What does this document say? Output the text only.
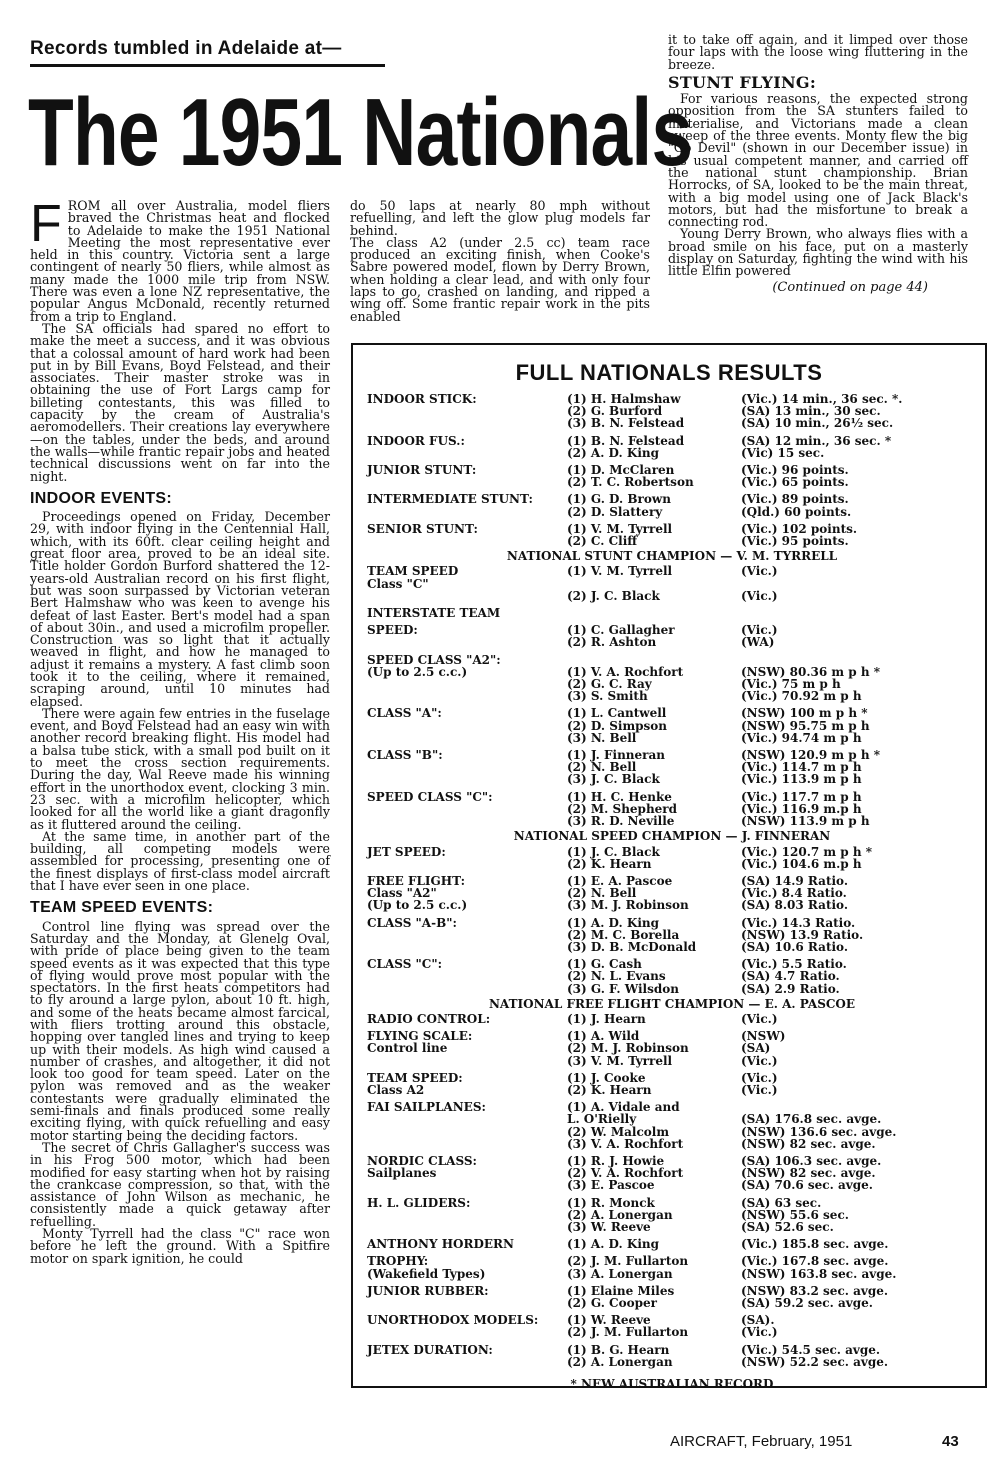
Records tumbled in Adelaide at—
The 1951 Nationals

FROM all over Australia, model fliers braved the Christmas heat and flocked to Adelaide to make the 1951 National Meeting the most representative ever held in this country. Victoria sent a large contingent of nearly 50 fliers, while almost as many made the 1000 mile trip from NSW. There was even a lone NZ representative, the popular Angus McDonald, recently returned from a trip to England.

The SA officials had spared no effort to make the meet a success, and it was obvious that a colossal amount of hard work had been put in by Bill Evans, Boyd Felstead, and their associates. Their master stroke was in obtaining the use of Fort Largs camp for billeting contestants, this was filled to capacity by the cream of Australia's aeromodellers. Their creations lay everywhere—on the tables, under the beds, and around the walls—while frantic repair jobs and heated technical discussions went on far into the night.

INDOOR EVENTS:

Proceedings opened on Friday, December 29, with indoor flying in the Centennial Hall, which, with its 60ft. clear ceiling height and great floor area, proved to be an ideal site. Title holder Gordon Burford shattered the 12-years-old Australian record on his first flight, but was soon surpassed by Victorian veteran Bert Halmshaw who was keen to avenge his defeat of last Easter. Bert's model had a span of about 30in., and used a microfilm propeller. Construction was so light that it actually weaved in flight, and how he managed to adjust it remains a mystery. A fast climb soon took it to the ceiling, where it remained, scraping around, until 10 minutes had elapsed.

There were again few entries in the fuselage event, and Boyd Felstead had an easy win with another record breaking flight. His model had a balsa tube stick, with a small pod built on it to meet the cross section requirements. During the day, Wal Reeve made his winning effort in the unorthodox event, clocking 3 min. 23 sec. with a microfilm helicopter, which looked for all the world like a giant dragonfly as it fluttered around the ceiling.

At the same time, in another part of the building, all competing models were assembled for processing, presenting one of the finest displays of first-class model aircraft that I have ever seen in one place.

TEAM SPEED EVENTS:

Control line flying was spread over the Saturday and the Monday, at Glenelg Oval, with pride of place being given to the team speed events as it was expected that this type of flying would prove most popular with the spectators. In the first heats competitors had to fly around a large pylon, about 10 ft. high, and some of the heats became almost farcical, with fliers trotting around this obstacle, hopping over tangled lines and trying to keep up with their models. As high wind caused a number of crashes, and altogether, it did not look too good for team speed. Later on the pylon was removed and as the weaker contestants were gradually eliminated the semi-finals and finals produced some really exciting flying, with quick refuelling and easy motor starting being the deciding factors.

The secret of Chris Gallagher's success was in his Frog 500 motor, which had been modified for easy starting when hot by raising the crankcase compression, so that, with the assistance of John Wilson as mechanic, he consistently made a quick getaway after refuelling.

Monty Tyrrell had the class "C" race won before he left the ground. With a Spitfire motor on spark ignition, he could

do 50 laps at nearly 80 mph without refuelling, and left the glow plug models far behind.

The class A2 (under 2.5 cc) team race produced an exciting finish, when Cooke's Sabre powered model, flown by Derry Brown, when holding a clear lead, and with only four laps to go, crashed on landing, and ripped a wing off. Some frantic repair work in the pits enabled

it to take off again, and it limped over those four laps with the loose wing fluttering in the breeze.

STUNT FLYING:

For various reasons, the expected strong opposition from the SA stunters failed to materialise, and Victorians made a clean sweep of the three events. Monty flew the big "Go Devil" (shown in our December issue) in his usual competent manner, and carried off the national stunt championship. Brian Horrocks, of SA, looked to be the main threat, with a big model using one of Jack Black's motors, but had the misfortune to break a connecting rod.

Young Derry Brown, who always flies with a broad smile on his face, put on a masterly display on Saturday, fighting the wind with his little Elfin powered

(Continued on page 44)
FULL NATIONALS RESULTS
INDOOR STICK:	(1) H. Halmshaw	(Vic.) 14 min., 36 sec. *.
(2) G. Burford	(SA) 13 min., 30 sec.
(3) B. N. Felstead	(SA) 10 min., 26½ sec.
INDOOR FUS.:	(1) B. N. Felstead	(SA) 12 min., 36 sec. *
(2) A. D. King	(Vic) 15 sec.
JUNIOR STUNT:	(1) D. McClaren	(Vic.) 96 points.
(2) T. C. Robertson	(Vic.) 65 points.
INTERMEDIATE STUNT:	(1) G. D. Brown	(Vic.) 89 points.
(2) D. Slattery	(Qld.) 60 points.
SENIOR STUNT:	(1) V. M. Tyrrell	(Vic.) 102 points.
(2) C. Cliff	(Vic.) 95 points.
NATIONAL STUNT CHAMPION — V. M. TYRRELL
TEAM SPEED	(1) V. M. Tyrrell	(Vic.)
Class "C"
(2) J. C. Black	(Vic.)
INTERSTATE TEAM
SPEED:	(1) C. Gallagher	(Vic.)
(2) R. Ashton	(WA)
SPEED CLASS "A2":
(Up to 2.5 c.c.)	(1) V. A. Rochfort	(NSW) 80.36 m p h *
(2) G. C. Ray	(Vic.) 75 m p h
(3) S. Smith	(Vic.) 70.92 m p h
CLASS "A":	(1) L. Cantwell	(NSW) 100 m p h *
(2) D. Simpson	(NSW) 95.75 m p h
(3) N. Bell	(Vic.) 94.74 m p h
CLASS "B":	(1) J. Finneran	(NSW) 120.9 m p h *
(2) N. Bell	(Vic.) 114.7 m p h
(3) J. C. Black	(Vic.) 113.9 m p h
SPEED CLASS "C":	(1) H. C. Henke	(Vic.) 117.7 m p h
(2) M. Shepherd	(Vic.) 116.9 m.p h
(3) R. D. Neville	(NSW) 113.9 m p h
NATIONAL SPEED CHAMPION — J. FINNERAN
JET SPEED:	(1) J. C. Black	(Vic.) 120.7 m p h *
(2) K. Hearn	(Vic.) 104.6 m.p h
FREE FLIGHT:	(1) E. A. Pascoe	(SA) 14.9 Ratio.
Class "A2"	(2) N. Bell	(Vic.) 8.4 Ratio.
(Up to 2.5 c.c.)	(3) M. J. Robinson	(SA) 8.03 Ratio.
CLASS "A-B":	(1) A. D. King	(Vic.) 14.3 Ratio.
(2) M. C. Borella	(NSW) 13.9 Ratio.
(3) D. B. McDonald	(SA) 10.6 Ratio.
CLASS "C":	(1) G. Cash	(Vic.) 5.5 Ratio.
(2) N. L. Evans	(SA) 4.7 Ratio.
(3) G. F. Wilsdon	(SA) 2.9 Ratio.
NATIONAL FREE FLIGHT CHAMPION — E. A. PASCOE
RADIO CONTROL:	(1) J. Hearn	(Vic.)
FLYING SCALE:	(1) A. Wild	(NSW)
Control line	(2) M. J. Robinson	(SA)
(3) V. M. Tyrrell	(Vic.)
TEAM SPEED:	(1) J. Cooke	(Vic.)
Class A2	(2) K. Hearn	(Vic.)
FAI SAILPLANES:	(1) A. Vidale and
L. O'Rielly	(SA) 176.8 sec. avge.
(2) W. Malcolm	(NSW) 136.6 sec. avge.
(3) V. A. Rochfort	(NSW) 82 sec. avge.
NORDIC CLASS:	(1) R. J. Howie	(SA) 106.3 sec. avge.
Sailplanes	(2) V. A. Rochfort	(NSW) 82 sec. avge.
(3) E. Pascoe	(SA) 70.6 sec. avge.
H. L. GLIDERS:	(1) R. Monck	(SA) 63 sec.
(2) A. Lonergan	(NSW) 55.6 sec.
(3) W. Reeve	(SA) 52.6 sec.
ANTHONY HORDERN	(1) A. D. King	(Vic.) 185.8 sec. avge.
TROPHY:	(2) J. M. Fullarton	(Vic.) 167.8 sec. avge.
(Wakefield Types)	(3) A. Lonergan	(NSW) 163.8 sec. avge.
JUNIOR RUBBER:	(1) Elaine Miles	(NSW) 83.2 sec. avge.
(2) G. Cooper	(SA) 59.2 sec. avge.
UNORTHODOX MODELS:	(1) W. Reeve	(SA).
(2) J. M. Fullarton	(Vic.)
JETEX DURATION:	(1) B. G. Hearn	(Vic.) 54.5 sec. avge.
(2) A. Lonergan	(NSW) 52.2 sec. avge.
* NEW AUSTRALIAN RECORD
AIRCRAFT, February, 1951	43
